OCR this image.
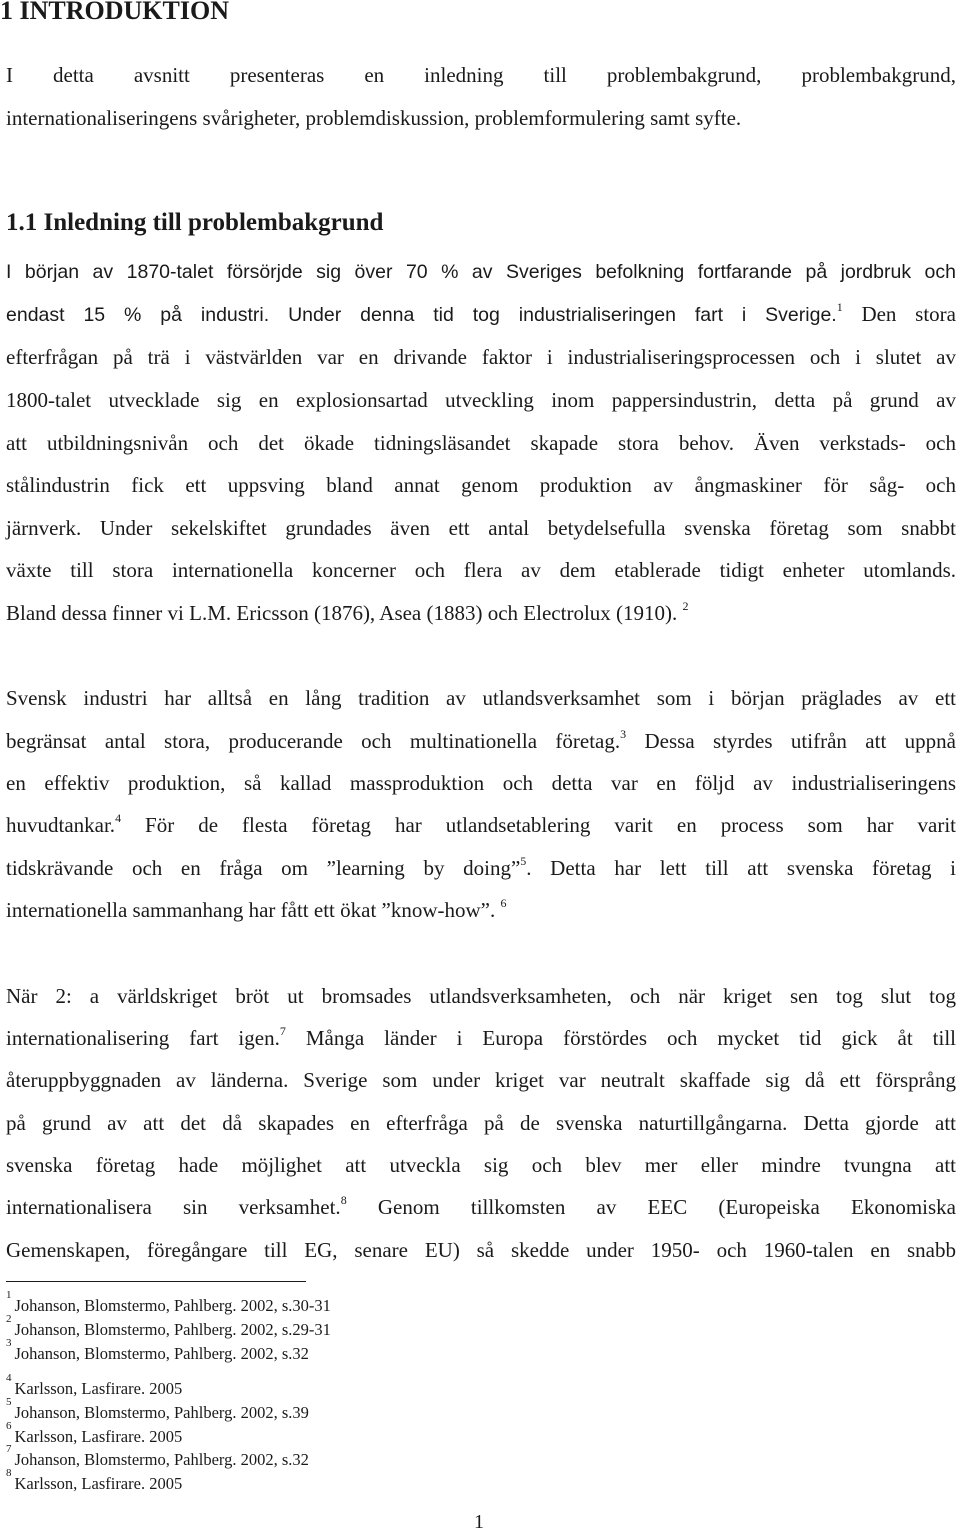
1 INTRODUKTION
I detta avsnitt presenteras en inledning till problembakgrund, problembakgrund,
internationaliseringens svårigheter, problemdiskussion, problemformulering samt syfte.
1.1 Inledning till problembakgrund
I början av 1870-talet försörjde sig över 70 % av Sveriges befolkning fortfarande på jordbruk och
endast 15 % på industri. Under denna tid tog industrialiseringen fart i Sverige.$^1$ Den stora
efterfrågan på trä i västvärlden var en drivande faktor i industrialiseringsprocessen och i slutet av
1800-talet utvecklade sig en explosionsartad utveckling inom pappersindustrin, detta på grund av
att utbildningsnivån och det ökade tidningsläsandet skapade stora behov. Även verkstads- och
stålindustrin fick ett uppsving bland annat genom produktion av ångmaskiner för såg- och
järnverk. Under sekelskiftet grundades även ett antal betydelsefulla svenska företag som snabbt
växte till stora internationella koncerner och flera av dem etablerade tidigt enheter utomlands.
Bland dessa finner vi L.M. Ericsson (1876), Asea (1883) och Electrolux (1910). $^2$
Svensk industri har alltså en lång tradition av utlandsverksamhet som i början präglades av ett
begränsat antal stora, producerande och multinationella företag.$^3$ Dessa styrdes utifrån att uppnå
en effektiv produktion, så kallad massproduktion och detta var en följd av industrialiseringens
huvudtankar.$^4$ För de flesta företag har utlandsetablering varit en process som har varit
tidskrävande och en fråga om ”learning by doing”$^5$. Detta har lett till att svenska företag i
internationella sammanhang har fått ett ökat ”know-how”. $^6$
När 2: a världskriget bröt ut bromsades utlandsverksamheten, och när kriget sen tog slut tog
internationalisering fart igen.$^7$ Många länder i Europa förstördes och mycket tid gick åt till
återuppbyggnaden av länderna. Sverige som under kriget var neutralt skaffade sig då ett försprång
på grund av att det då skapades en efterfråga på de svenska naturtillgångarna. Detta gjorde att
svenska företag hade möjlighet att utveckla sig och blev mer eller mindre tvungna att
internationalisera sin verksamhet.$^8$ Genom tillkomsten av EEC (Europeiska Ekonomiska
Gemenskapen, föregångare till EG, senare EU) så skedde under 1950- och 1960-talen en snabb
$^1$Johanson, Blomstermo, Pahlberg. 2002, s.30-31
$^2$Johanson, Blomstermo, Pahlberg. 2002, s.29-31
$^3$Johanson, Blomstermo, Pahlberg. 2002, s.32
$^4$Karlsson, Lasfirare. 2005
$^5$Johanson, Blomstermo, Pahlberg. 2002, s.39
$^6$Karlsson, Lasfirare. 2005
$^7$Johanson, Blomstermo, Pahlberg. 2002, s.32
$^8$Karlsson, Lasfirare. 2005
1
